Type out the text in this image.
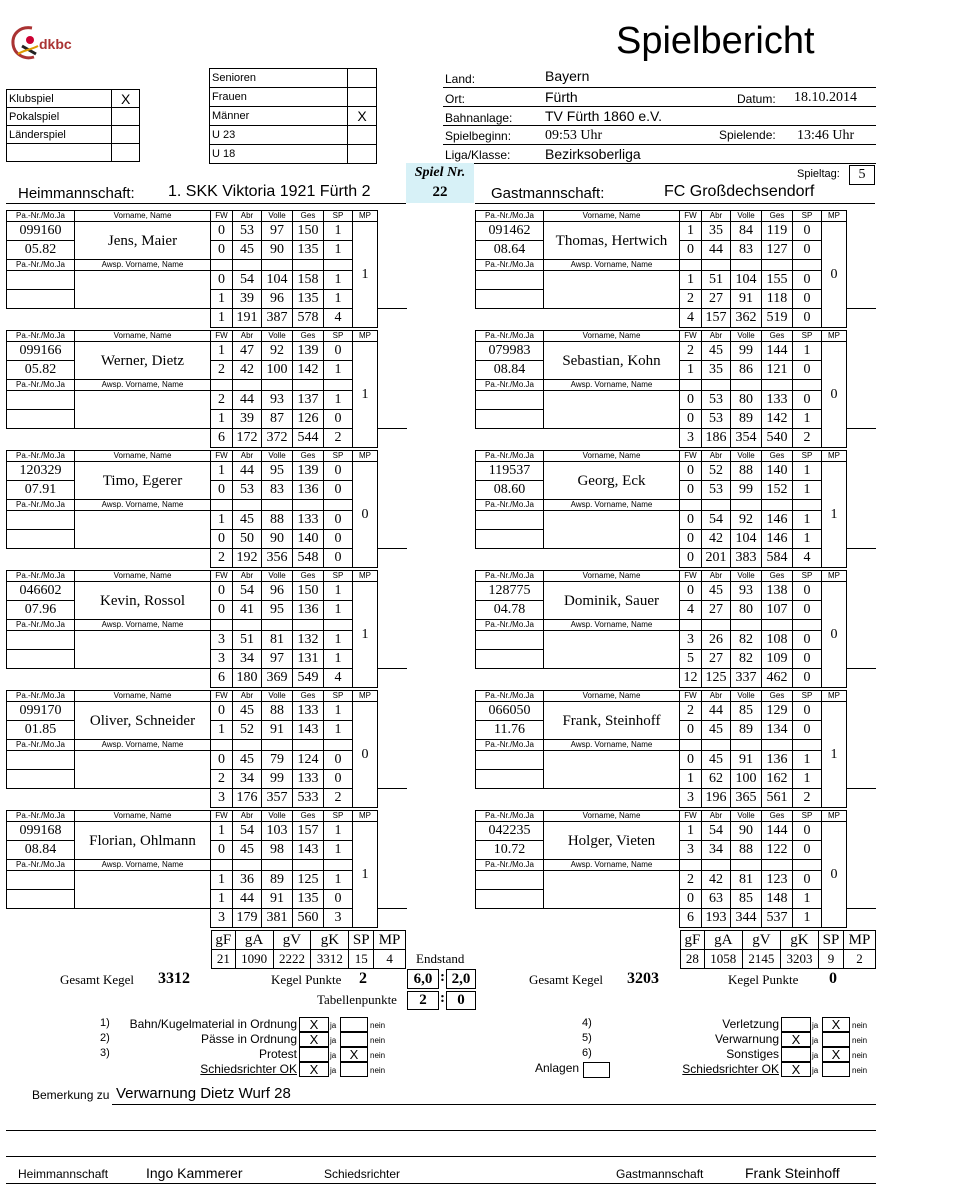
dkbc	Spielbericht
Klubspiel	X
Pokalspiel	
Länderspiel	

Senioren	
Frauen	
Männer	X
U 23	
U 18	
Land:	Bayern
Ort:	Fürth	Datum: 18.10.2014
Bahnanlage: TV Fürth 1860 e.V.
Spielbeginn: 09:53 Uhr	Spielende: 13:46 Uhr
Liga/Klasse: Bezirksoberliga
Spiel Nr.
22
Spieltag:	5
Heimmannschaft: 1. SKK Viktoria 1921 Fürth 2	Gastmannschaft:	FC Großdechsendorf
Pa.-Nr./Mo.Ja	Vorname, Name	FW	Abr	Volle	Ges	SP	MP	
099160	Jens, Maier	0	53	97	150	1	1	
05.82		0	45	90	135	1		
Pa.-Nr./Mo.Ja	Awsp. Vorname, Name							
		0	54	104	158	1		
		1	39	96	135	1		
		1	191	387	578	4		
Pa.-Nr./Mo.Ja	Vorname, Name	FW	Abr	Volle	Ges	SP	MP	
099166	Werner, Dietz	1	47	92	139	0	1	
05.82		2	42	100	142	1		
Pa.-Nr./Mo.Ja	Awsp. Vorname, Name							
		2	44	93	137	1		
		1	39	87	126	0		
		6	172	372	544	2		
Pa.-Nr./Mo.Ja	Vorname, Name	FW	Abr	Volle	Ges	SP	MP	
120329	Timo, Egerer	1	44	95	139	0	0	
07.91		0	53	83	136	0		
Pa.-Nr./Mo.Ja	Awsp. Vorname, Name							
		1	45	88	133	0		
		0	50	90	140	0		
		2	192	356	548	0		
Pa.-Nr./Mo.Ja	Vorname, Name	FW	Abr	Volle	Ges	SP	MP	
046602	Kevin, Rossol	0	54	96	150	1	1	
07.96		0	41	95	136	1		
Pa.-Nr./Mo.Ja	Awsp. Vorname, Name							
		3	51	81	132	1		
		3	34	97	131	1		
		6	180	369	549	4		
Pa.-Nr./Mo.Ja	Vorname, Name	FW	Abr	Volle	Ges	SP	MP	
099170	Oliver, Schneider	0	45	88	133	1	0	
01.85		1	52	91	143	1		
Pa.-Nr./Mo.Ja	Awsp. Vorname, Name							
		0	45	79	124	0		
		2	34	99	133	0		
		3	176	357	533	2		
Pa.-Nr./Mo.Ja	Vorname, Name	FW	Abr	Volle	Ges	SP	MP	
099168	Florian, Ohlmann	1	54	103	157	1	1	
08.84		0	45	98	143	1		
Pa.-Nr./Mo.Ja	Awsp. Vorname, Name							
		1	36	89	125	1		
		1	44	91	135	0		
		3	179	381	560	3		
Pa.-Nr./Mo.Ja	Vorname, Name	FW	Abr	Volle	Ges	SP	MP	
091462	Thomas, Hertwich	1	35	84	119	0	0	
08.64		0	44	83	127	0		
Pa.-Nr./Mo.Ja	Awsp. Vorname, Name							
		1	51	104	155	0		
		2	27	91	118	0		
		4	157	362	519	0		
Pa.-Nr./Mo.Ja	Vorname, Name	FW	Abr	Volle	Ges	SP	MP	
079983	Sebastian, Kohn	2	45	99	144	1	0	
08.84		1	35	86	121	0		
Pa.-Nr./Mo.Ja	Awsp. Vorname, Name							
		0	53	80	133	0		
		0	53	89	142	1		
		3	186	354	540	2		
Pa.-Nr./Mo.Ja	Vorname, Name	FW	Abr	Volle	Ges	SP	MP	
119537	Georg, Eck	0	52	88	140	1	1	
08.60		0	53	99	152	1		
Pa.-Nr./Mo.Ja	Awsp. Vorname, Name							
		0	54	92	146	1		
		0	42	104	146	1		
		0	201	383	584	4		
Pa.-Nr./Mo.Ja	Vorname, Name	FW	Abr	Volle	Ges	SP	MP	
128775	Dominik, Sauer	0	45	93	138	0	0	
04.78		4	27	80	107	0		
Pa.-Nr./Mo.Ja	Awsp. Vorname, Name							
		3	26	82	108	0		
		5	27	82	109	0		
		12	125	337	462	0		
Pa.-Nr./Mo.Ja	Vorname, Name	FW	Abr	Volle	Ges	SP	MP	
066050	Frank, Steinhoff	2	44	85	129	0	1	
11.76		0	45	89	134	0		
Pa.-Nr./Mo.Ja	Awsp. Vorname, Name							
		0	45	91	136	1		
		1	62	100	162	1		
		3	196	365	561	2		
Pa.-Nr./Mo.Ja	Vorname, Name	FW	Abr	Volle	Ges	SP	MP	
042235	Holger, Vieten	1	54	90	144	0	0	
10.72		3	34	88	122	0		
Pa.-Nr./Mo.Ja	Awsp. Vorname, Name							
		2	42	81	123	0		
		0	63	85	148	1		
		6	193	344	537	1		
gF	gA	gV	gK	SP	MP
21	1090	2222	3312	15	4
gF	gA	gV	gK	SP	MP
28	1058	2145	3203	9	2
Endstand
Gesamt Kegel 3312	Kegel Punkte 2	6,0 : 2,0
Tabellenpunkte	2 : 0
Gesamt Kegel 3203	Kegel Punkte 0
1) Bahn/Kugelmaterial in Ordnung X	ja	nein
2)	Pässe in Ordnung X	ja	nein
3)	Protest	ja	X	nein
Schiedsrichter OK X	ja	nein
4)	Verletzung	ja	X	nein
5)	Verwarnung X	ja	nein
6)	Sonstiges	ja	X	nein
Schiedsrichter OK X	ja	nein
Anlagen
Bemerkung zu Verwarnung Dietz Wurf 28
Heimmannschaft	Ingo Kammerer	Schiedsrichter	Gastmannschaft	Frank Steinhoff
